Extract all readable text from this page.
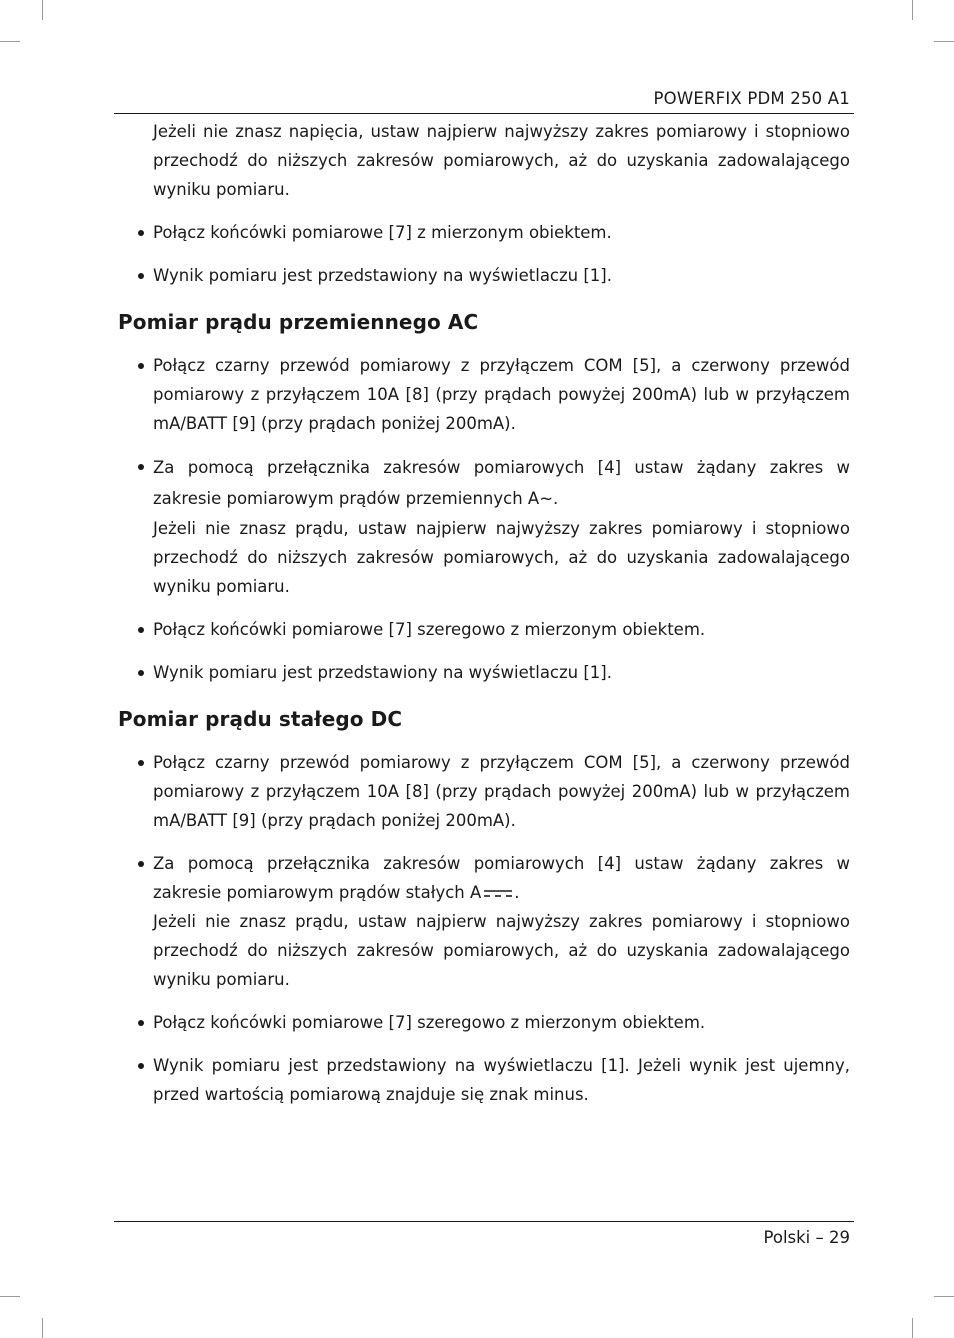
POWERFIX PDM 250 A1

Jeżeli nie znasz napięcia, ustaw najpierw najwyższy zakres pomiarowy i stopniowo przechodź do niższych zakresów pomiarowych, aż do uzyskania zadowalającego wyniku pomiaru.

Połącz końcówki pomiarowe [7] z mierzonym obiektem.

Wynik pomiaru jest przedstawiony na wyświetlaczu [1].

Pomiar prądu przemiennego AC

Połącz czarny przewód pomiarowy z przyłączem COM [5], a czerwony przewód pomiarowy z przyłączem 10A [8] (przy prądach powyżej 200mA) lub w przyłączem mA/BATT [9] (przy prądach poniżej 200mA).

Za pomocą przełącznika zakresów pomiarowych [4] ustaw żądany zakres w zakresie pomiarowym prądów przemiennych A~.

Jeżeli nie znasz prądu, ustaw najpierw najwyższy zakres pomiarowy i stopniowo przechodź do niższych zakresów pomiarowych, aż do uzyskania zadowalającego wyniku pomiaru.

Połącz końcówki pomiarowe [7] szeregowo z mierzonym obiektem.

Wynik pomiaru jest przedstawiony na wyświetlaczu [1].

Pomiar prądu stałego DC

Połącz czarny przewód pomiarowy z przyłączem COM [5], a czerwony przewód pomiarowy z przyłączem 10A [8] (przy prądach powyżej 200mA) lub w przyłączem mA/BATT [9] (przy prądach poniżej 200mA).

Za pomocą przełącznika zakresów pomiarowych [4] ustaw żądany zakres w zakresie pomiarowym prądów stałych A .

Jeżeli nie znasz prądu, ustaw najpierw najwyższy zakres pomiarowy i stopniowo przechodź do niższych zakresów pomiarowych, aż do uzyskania zadowalającego wyniku pomiaru.

Połącz końcówki pomiarowe [7] szeregowo z mierzonym obiektem.

Wynik pomiaru jest przedstawiony na wyświetlaczu [1]. Jeżeli wynik jest ujemny, przed wartością pomiarową znajduje się znak minus.

Polski – 29
